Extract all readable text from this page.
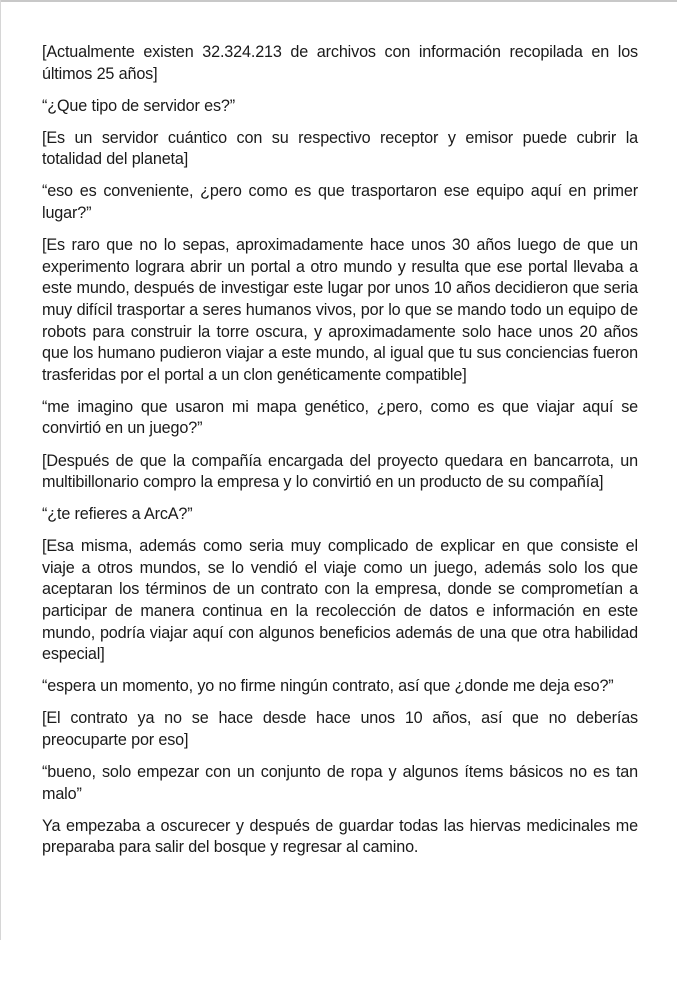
[Actualmente existen 32.324.213 de archivos con información recopilada en los últimos 25 años]

“¿Que tipo de servidor es?”

[Es un servidor cuántico con su respectivo receptor y emisor puede cubrir la totalidad del planeta]

“eso es conveniente, ¿pero como es que trasportaron ese equipo aquí en primer lugar?”

[Es raro que no lo sepas, aproximadamente hace unos 30 años luego de que un experimento lograra abrir un portal a otro mundo y resulta que ese portal llevaba a este mundo, después de investigar este lugar por unos 10 años decidieron que seria muy difícil trasportar a seres humanos vivos, por lo que se mando todo un equipo de robots para construir la torre oscura, y aproximadamente solo hace unos 20 años que los humano pudieron viajar a este mundo, al igual que tu sus conciencias fueron trasferidas por el portal a un clon genéticamente compatible]

“me imagino que usaron mi mapa genético, ¿pero, como es que viajar aquí se convirtió en un juego?”

[Después de que la compañía encargada del proyecto quedara en bancarrota, un multibillonario compro la empresa y lo convirtió en un producto de su compañía]

“¿te refieres a ArcA?”

[Esa misma, además como seria muy complicado de explicar en que consiste el viaje a otros mundos, se lo vendió el viaje como un juego, además solo los que aceptaran los términos de un contrato con la empresa, donde se comprometían a participar de manera continua en la recolección de datos e información en este mundo, podría viajar aquí con algunos beneficios además de una que otra habilidad especial]

“espera un momento, yo no firme ningún contrato, así que ¿donde me deja eso?”

[El contrato ya no se hace desde hace unos 10 años, así que no deberías preocuparte por eso]

“bueno, solo empezar con un conjunto de ropa y algunos ítems básicos no es tan malo”

Ya empezaba a oscurecer y después de guardar todas las hiervas medicinales me preparaba para salir del bosque y regresar al camino.
